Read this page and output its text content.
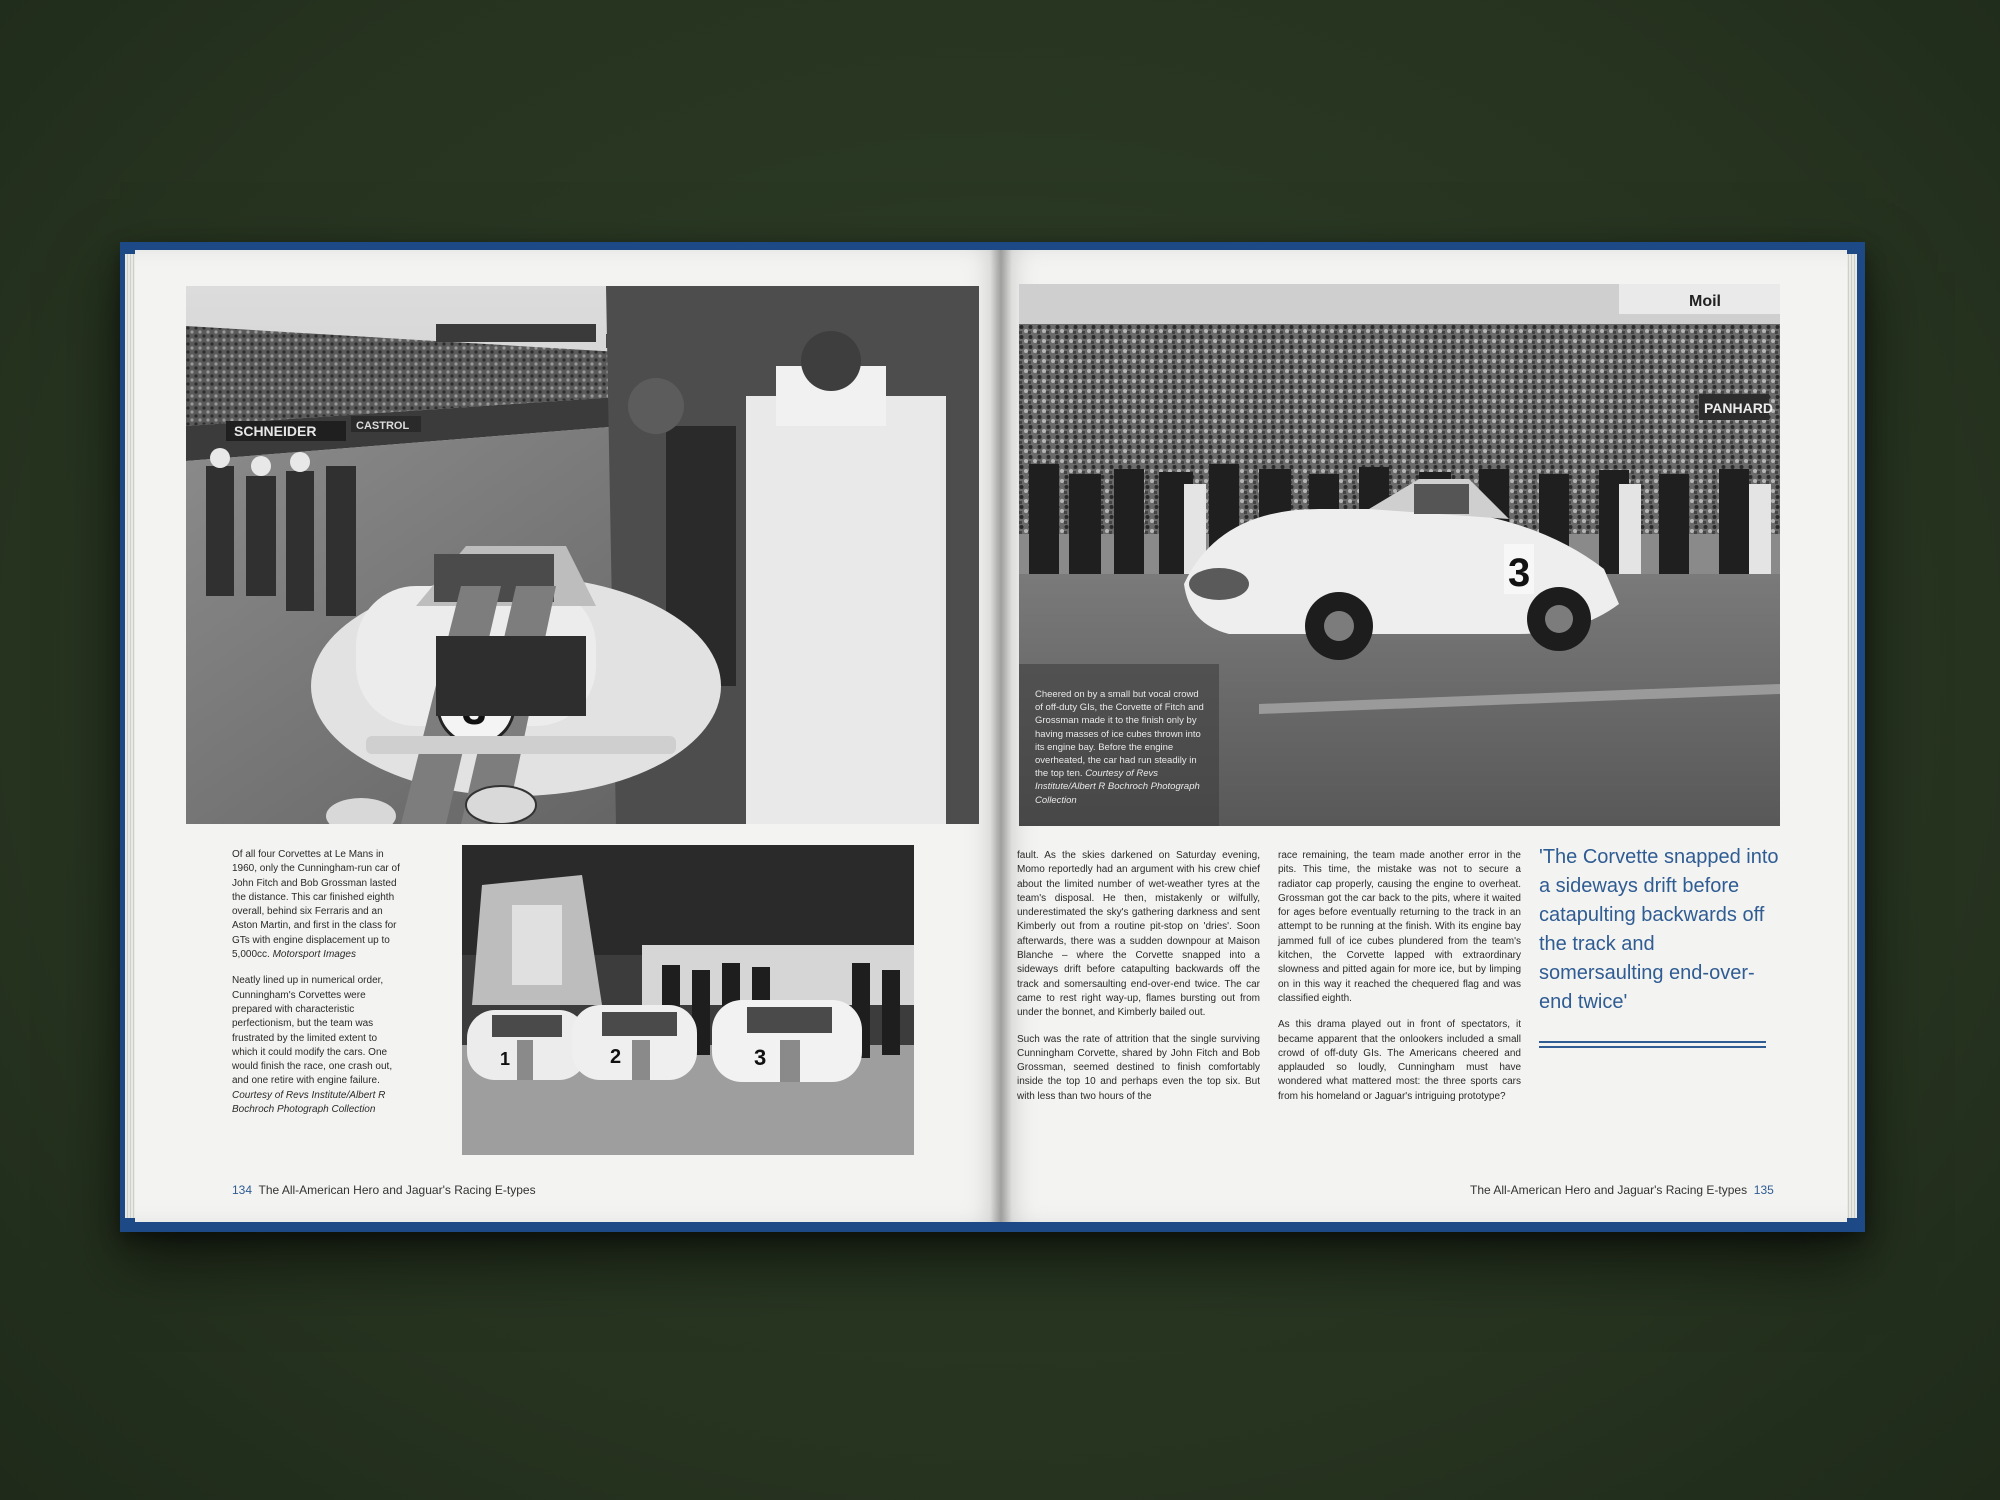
SCHNEIDER	CASTROL
1	2	3

Of all four Corvettes at Le Mans in 1960, only the Cunningham-run car of John Fitch and Bob Grossman lasted the distance. This car finished eighth overall, behind six Ferraris and an Aston Martin, and first in the class for GTs with engine displacement up to 5,000cc. Motorsport Images

Neatly lined up in numerical order, Cunningham's Corvettes were prepared with characteristic perfectionism, but the team was frustrated by the limited extent to which it could modify the cars. One would finish the race, one crash out, and one retire with engine failure. Courtesy of Revs Institute/Albert R Bochroch Photograph Collection

134 The All-American Hero and Jaguar's Racing E-types
Moil
PANHARD
3
Cheered on by a small but vocal crowd of off-duty GIs, the Corvette of Fitch and Grossman made it to the finish only by having masses of ice cubes thrown into its engine bay. Before the engine overheated, the car had run steadily in the top ten. Courtesy of Revs Institute/Albert R Bochroch Photograph Collection

fault. As the skies darkened on Saturday evening, Momo reportedly had an argument with his crew chief about the limited number of wet-weather tyres at the team's disposal. He then, mistakenly or wilfully, underestimated the sky's gathering darkness and sent Kimberly out from a routine pit-stop on 'dries'. Soon afterwards, there was a sudden downpour at Maison Blanche – where the Corvette snapped into a sideways drift before catapulting backwards off the track and somersaulting end-over-end twice. The car came to rest right way-up, flames bursting out from under the bonnet, and Kimberly bailed out.

Such was the rate of attrition that the single surviving Cunningham Corvette, shared by John Fitch and Bob Grossman, seemed destined to finish comfortably inside the top 10 and perhaps even the top six. But with less than two hours of the

race remaining, the team made another error in the pits. This time, the mistake was not to secure a radiator cap properly, causing the engine to overheat. Grossman got the car back to the pits, where it waited for ages before eventually returning to the track in an attempt to be running at the finish. With its engine bay jammed full of ice cubes plundered from the team's kitchen, the Corvette lapped with extraordinary slowness and pitted again for more ice, but by limping on in this way it reached the chequered flag and was classified eighth.

As this drama played out in front of spectators, it became apparent that the onlookers included a small crowd of off-duty GIs. The Americans cheered and applauded so loudly, Cunningham must have wondered what mattered most: the three sports cars from his homeland or Jaguar's intriguing prototype?

'The Corvette snapped into a sideways drift before catapulting backwards off the track and somersaulting end-over-end twice'
The All-American Hero and Jaguar's Racing E-types 135
